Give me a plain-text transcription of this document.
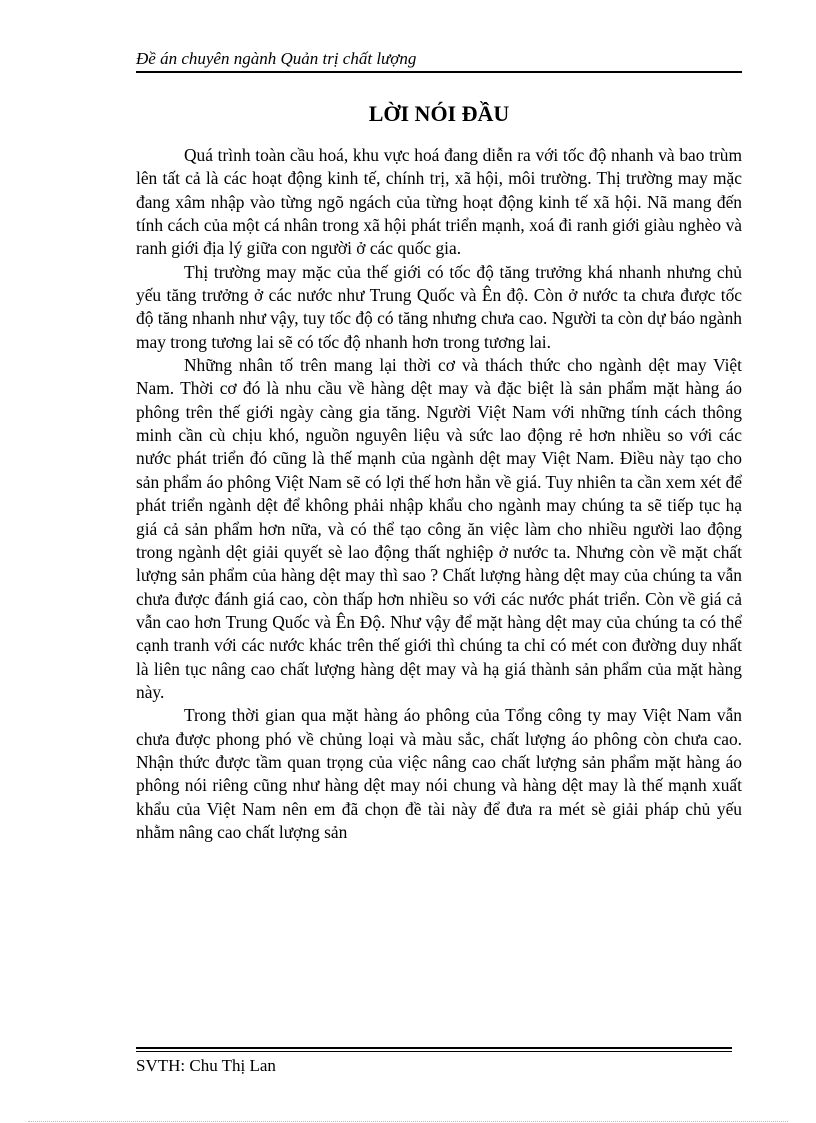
Đề án chuyên ngành Quản trị chất lượng
LỜI NÓI ĐẦU

Quá trình toàn cầu hoá, khu vực hoá đang diễn ra với tốc độ nhanh và bao trùm lên tất cả là các hoạt động kinh tế, chính trị, xã hội, môi trường. Thị trường may mặc đang xâm nhập vào từng ngõ ngách của từng hoạt động kinh tế xã hội. Nã mang đến tính cách của một cá nhân trong xã hội phát triển mạnh, xoá đi ranh giới giàu nghèo và ranh giới địa lý giữa con người ở các quốc gia.

Thị trường may mặc của thế giới có tốc độ tăng trưởng khá nhanh nhưng chủ yếu tăng trưởng ở các nước như Trung Quốc và Ên độ. Còn ở nước ta chưa được tốc độ tăng nhanh như vậy, tuy tốc độ có tăng nhưng chưa cao. Người ta còn dự báo ngành may trong tương lai sẽ có tốc độ nhanh hơn trong tương lai.

Những nhân tố trên mang lại thời cơ và thách thức cho ngành dệt may Việt Nam. Thời cơ đó là nhu cầu về hàng dệt may và đặc biệt là sản phẩm mặt hàng áo phông trên thế giới ngày càng gia tăng. Người Việt Nam với những tính cách thông minh cần cù chịu khó, nguồn nguyên liệu và sức lao động rẻ hơn nhiều so với các nước phát triển đó cũng là thế mạnh của ngành dệt may Việt Nam. Điều này tạo cho sản phẩm áo phông Việt Nam sẽ có lợi thế hơn hẳn về giá. Tuy nhiên ta cần xem xét để phát triển ngành dệt để không phải nhập khẩu cho ngành may chúng ta sẽ tiếp tục hạ giá cả sản phẩm hơn nữa, và có thể tạo công ăn việc làm cho nhiều người lao động trong ngành dệt giải quyết sè lao động thất nghiệp ở nước ta. Nhưng còn về mặt chất lượng sản phẩm của hàng dệt may thì sao ? Chất lượng hàng dệt may của chúng ta vẫn chưa được đánh giá cao, còn thấp hơn nhiều so với các nước phát triển. Còn về giá cả vẫn cao hơn Trung Quốc và Ên Độ. Như vậy để mặt hàng dệt may của chúng ta có thể cạnh tranh với các nước khác trên thế giới thì chúng ta chỉ có mét con đường duy nhất là liên tục nâng cao chất lượng hàng dệt may và hạ giá thành sản phẩm của mặt hàng này.

Trong thời gian qua mặt hàng áo phông của Tổng công ty may Việt Nam vẫn chưa được phong phó về chủng loại và màu sắc, chất lượng áo phông còn chưa cao. Nhận thức được tầm quan trọng của việc nâng cao chất lượng sản phẩm mặt hàng áo phông nói riêng cũng như hàng dệt may nói chung và hàng dệt may là thế mạnh xuất khẩu của Việt Nam nên em đã chọn đề tài này để đưa ra mét sè giải pháp chủ yếu nhằm nâng cao chất lượng sản

SVTH: Chu Thị Lan
